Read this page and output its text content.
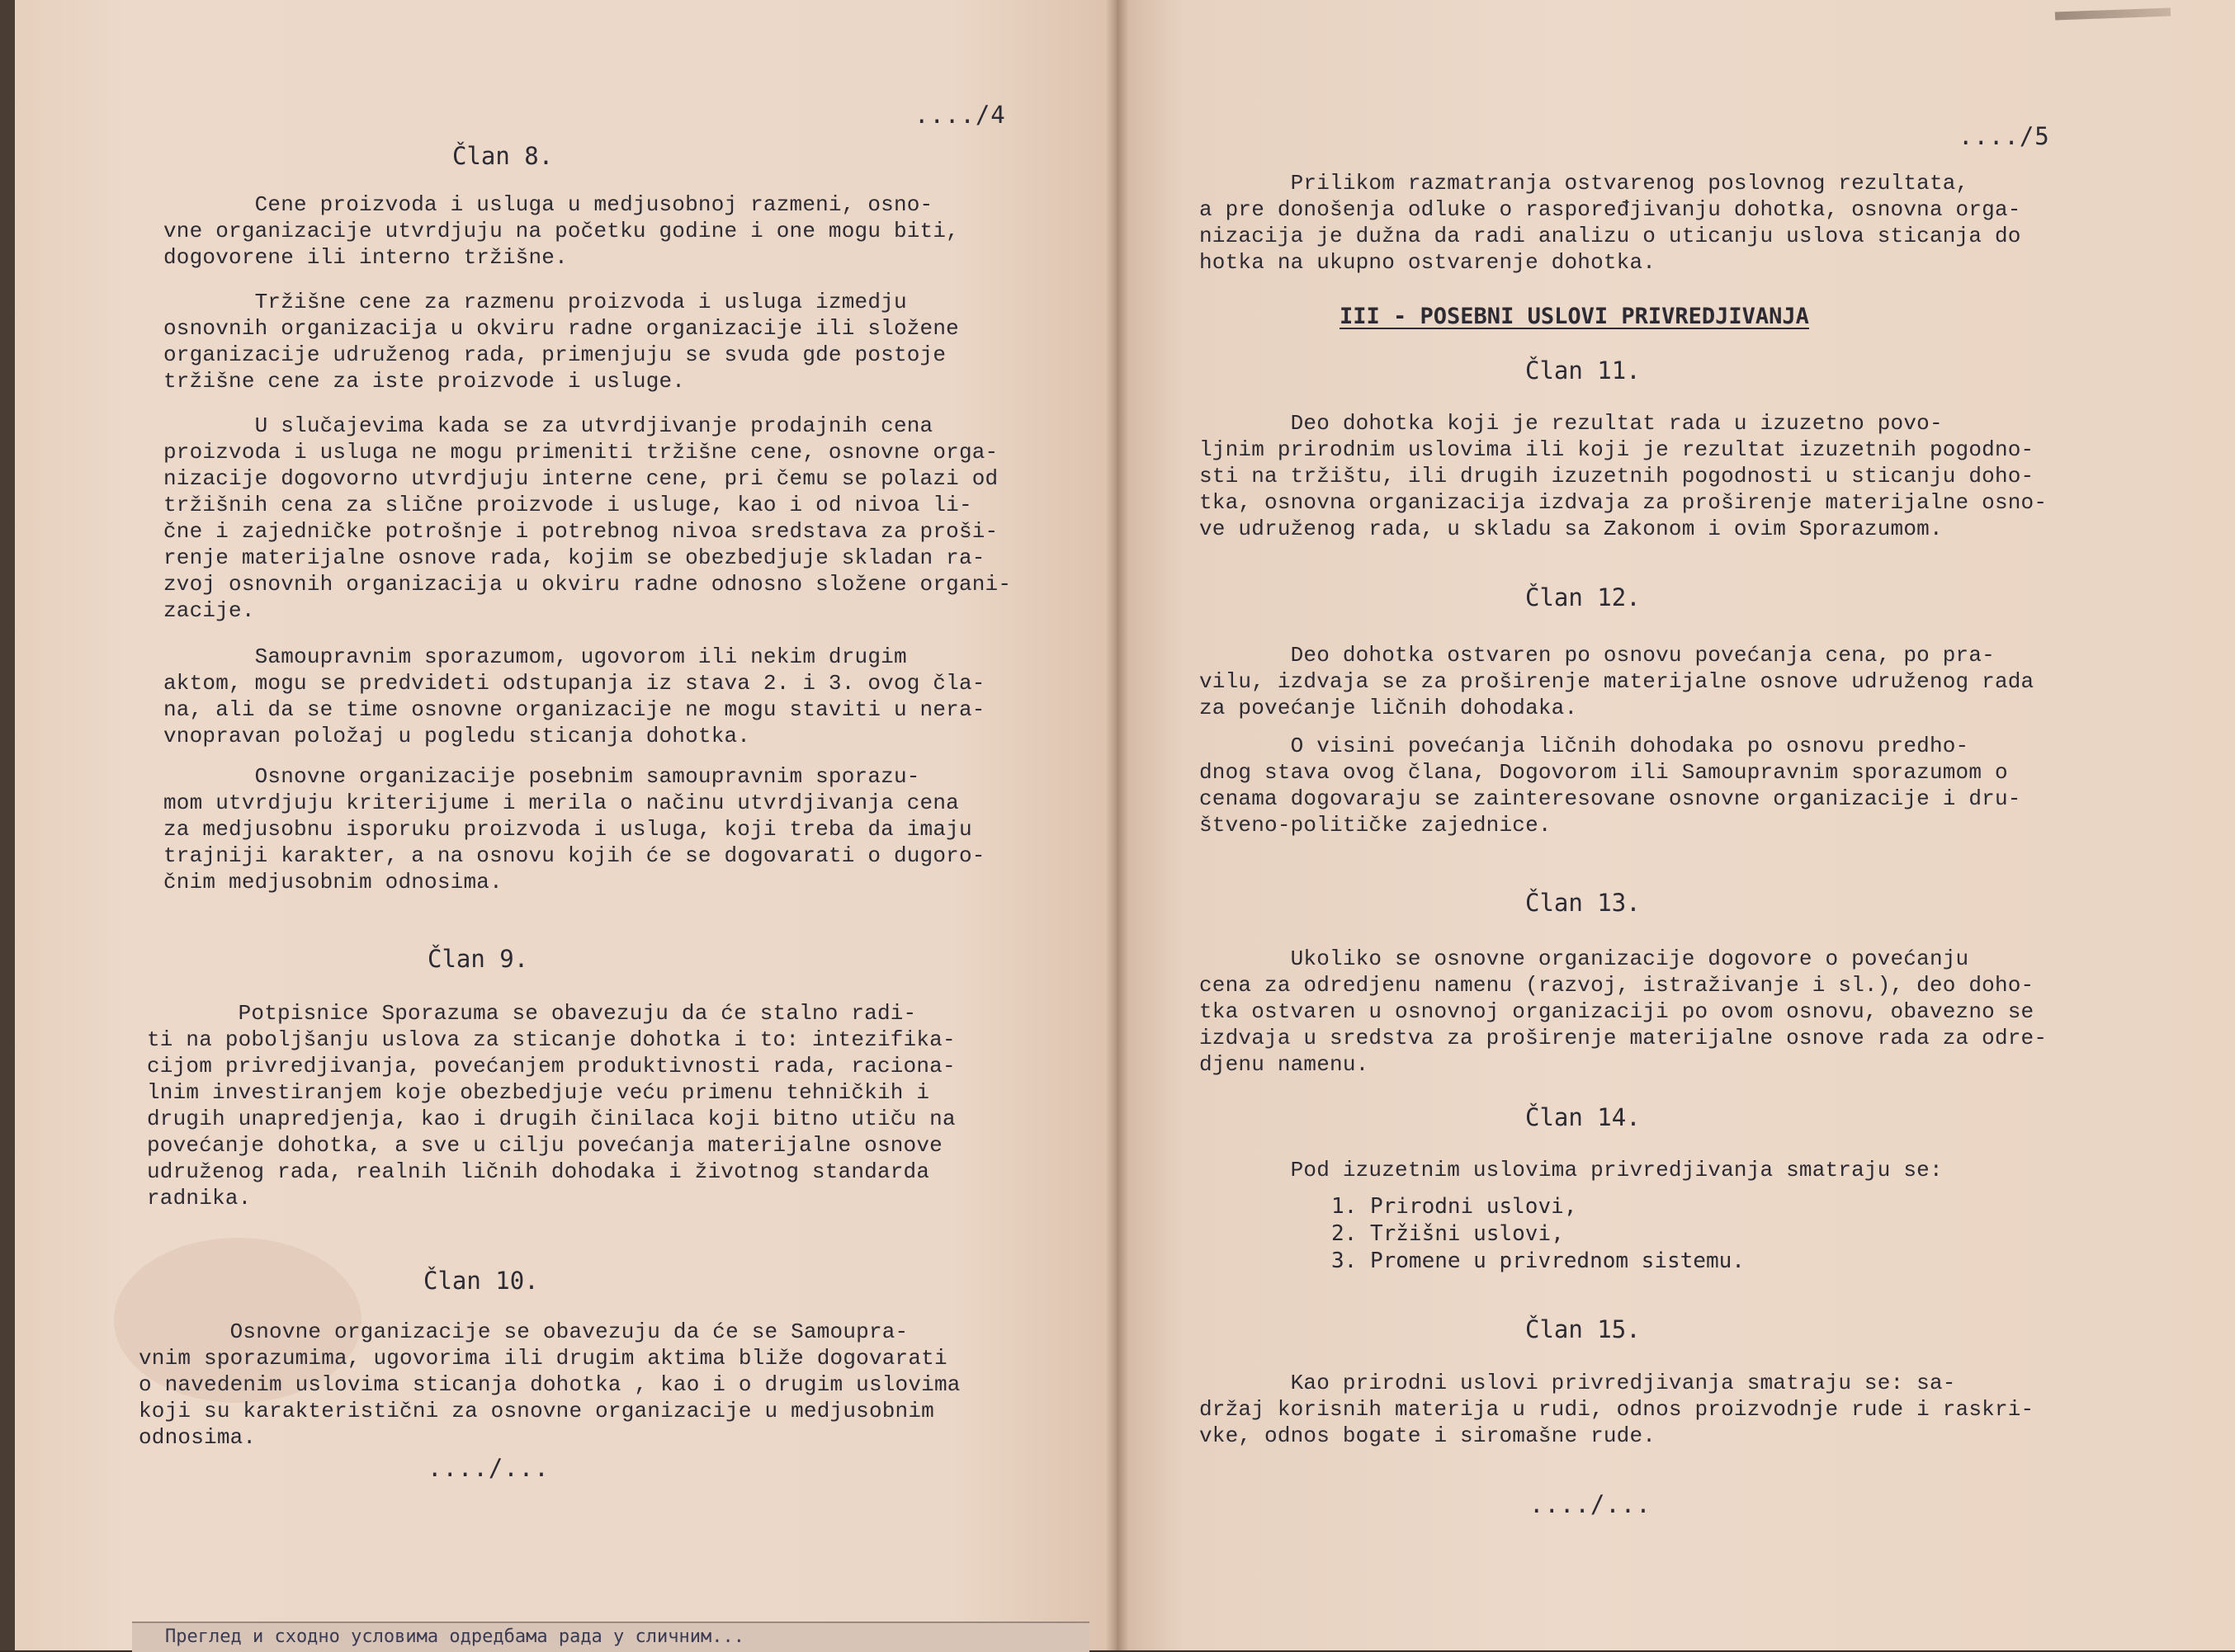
..../4
Član 8.
Cene proizvoda i usluga u medjusobnoj razmeni, osno-
vne organizacije utvrdjuju na početku godine i one mogu biti,
dogovorene ili interno tržišne.
Tržišne cene za razmenu proizvoda i usluga izmedju
osnovnih organizacija u okviru radne organizacije ili složene
organizacije udruženog rada, primenjuju se svuda gde postoje
tržišne cene za iste proizvode i usluge.
U slučajevima kada se za utvrdjivanje prodajnih cena
proizvoda i usluga ne mogu primeniti tržišne cene, osnovne orga-
nizacije dogovorno utvrdjuju interne cene, pri čemu se polazi od
tržišnih cena za slične proizvode i usluge, kao i od nivoa li-
čne i zajedničke potrošnje i potrebnog nivoa sredstava za proši-
renje materijalne osnove rada, kojim se obezbedjuje skladan ra-
zvoj osnovnih organizacija u okviru radne odnosno složene organi-
zacije.
Samoupravnim sporazumom, ugovorom ili nekim drugim
aktom, mogu se predvideti odstupanja iz stava 2. i 3. ovog čla-
na, ali da se time osnovne organizacije ne mogu staviti u nera-
vnopravan položaj u pogledu sticanja dohotka.
Osnovne organizacije posebnim samoupravnim sporazu-
mom utvrdjuju kriterijume i merila o načinu utvrdjivanja cena
za medjusobnu isporuku proizvoda i usluga, koji treba da imaju
trajniji karakter, a na osnovu kojih će se dogovarati o dugoro-
čnim medjusobnim odnosima.
Član 9.
Potpisnice Sporazuma se obavezuju da će stalno radi-
ti na poboljšanju uslova za sticanje dohotka i to: intezifika-
cijom privredjivanja, povećanjem produktivnosti rada, raciona-
lnim investiranjem koje obezbedjuje veću primenu tehničkih i
drugih unapredjenja, kao i drugih činilaca koji bitno utiču na
povećanje dohotka, a sve u cilju povećanja materijalne osnove
udruženog rada, realnih ličnih dohodaka i životnog standarda
radnika.
Član 10.
Osnovne organizacije se obavezuju da će se Samoupra-
vnim sporazumima, ugovorima ili drugim aktima bliže dogovarati
o navedenim uslovima sticanja dohotka , kao i o drugim uslovima
koji su karakteristični za osnovne organizacije u medjusobnim
odnosima.
..../...
..../5
Prilikom razmatranja ostvarenog poslovnog rezultata,
a pre donošenja odluke o raspoređjivanju dohotka, osnovna orga-
nizacija je dužna da radi analizu o uticanju uslova sticanja do
hotka na ukupno ostvarenje dohotka.
III - POSEBNI USLOVI PRIVREDJIVANJA
Član 11.
Deo dohotka koji je rezultat rada u izuzetno povo-
ljnim prirodnim uslovima ili koji je rezultat izuzetnih pogodno-
sti na tržištu, ili drugih izuzetnih pogodnosti u sticanju doho-
tka, osnovna organizacija izdvaja za proširenje materijalne osno-
ve udruženog rada, u skladu sa Zakonom i ovim Sporazumom.
Član 12.
Deo dohotka ostvaren po osnovu povećanja cena, po pra-
vilu, izdvaja se za proširenje materijalne osnove udruženog rada
za povećanje ličnih dohodaka.
O visini povećanja ličnih dohodaka po osnovu predho-
dnog stava ovog člana, Dogovorom ili Samoupravnim sporazumom o
cenama dogovaraju se zainteresovane osnovne organizacije i dru-
štveno-političke zajednice.
Član 13.
Ukoliko se osnovne organizacije dogovore o povećanju
cena za odredjenu namenu (razvoj, istraživanje i sl.), deo doho-
tka ostvaren u osnovnoj organizaciji po ovom osnovu, obavezno se
izdvaja u sredstva za proširenje materijalne osnove rada za odre-
djenu namenu.
Član 14.
Pod izuzetnim uslovima privredjivanja smatraju se:
1. Prirodni uslovi,
2. Tržišni uslovi,
3. Promene u privrednom sistemu.
Član 15.
Kao prirodni uslovi privredjivanja smatraju se: sa-
držaj korisnih materija u rudi, odnos proizvodnje rude i raskri-
vke, odnos bogate i siromašne rude.
..../...
Преглед и сходно условима одредбама рада у сличним...
